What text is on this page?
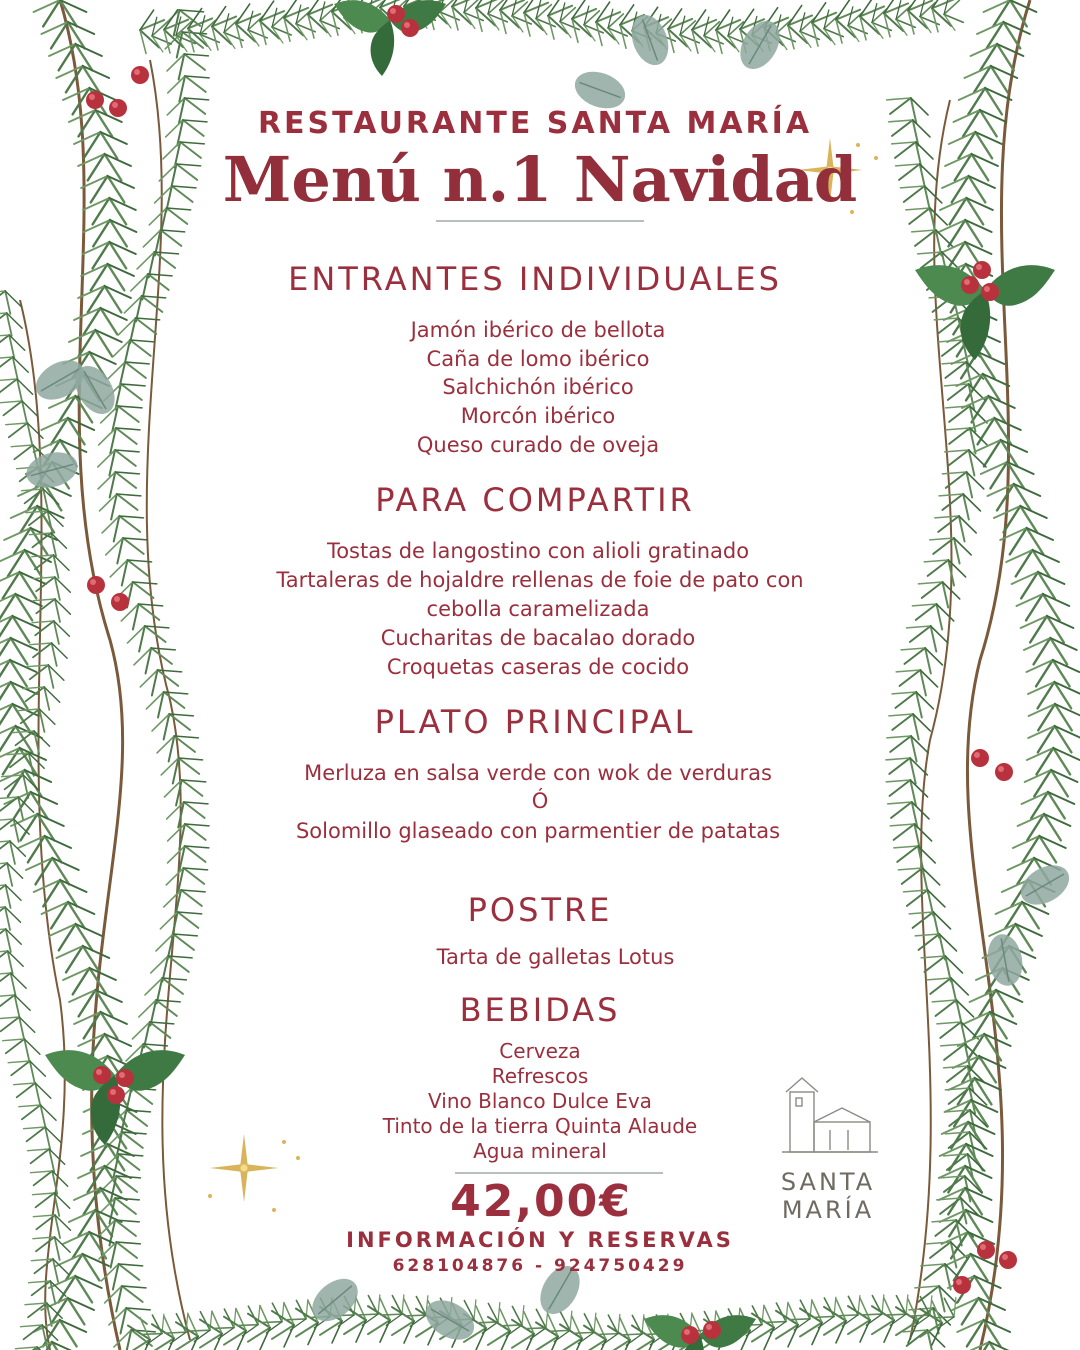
RESTAURANTE SANTA MARÍA
Menú n.1 Navidad
ENTRANTES INDIVIDUALES
Jamón ibérico de bellota
Caña de lomo ibérico
Salchichón ibérico
Morcón ibérico
Queso curado de oveja
PARA COMPARTIR
Tostas de langostino con alioli gratinado
Tartaleras de hojaldre rellenas de foie de pato con
cebolla caramelizada
Cucharitas de bacalao dorado
Croquetas caseras de cocido
PLATO PRINCIPAL
Merluza en salsa verde con wok de verduras
Ó
Solomillo glaseado con parmentier de patatas
POSTRE
Tarta de galletas Lotus
BEBIDAS
Cerveza
Refrescos
Vino Blanco Dulce Eva
Tinto de la tierra Quinta Alaude
Agua mineral
42,00€
INFORMACIÓN Y RESERVAS
628104876 - 924750429
SANTA MARÍA
